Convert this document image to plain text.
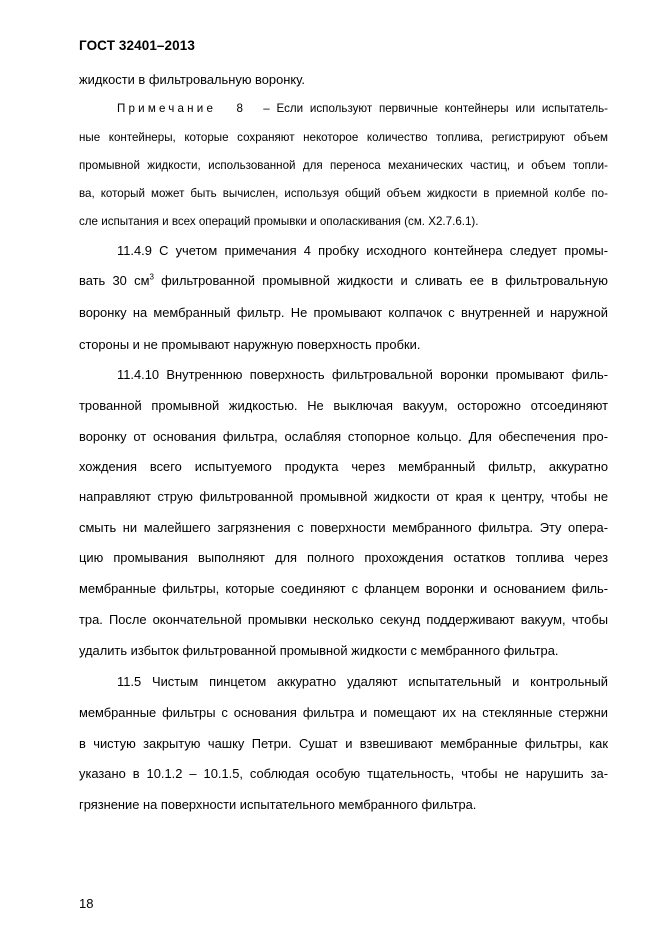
ГОСТ 32401–2013
жидкости в фильтровальную воронку.
Примечание 8 – Если используют первичные контейнеры или испытатель-
ные контейнеры, которые сохраняют некоторое количество топлива, регистрируют объем
промывной жидкости, использованной для переноса механических частиц, и объем топли-
ва, который может быть вычислен, используя общий объем жидкости в приемной колбе по-
сле испытания и всех операций промывки и ополаскивания (см. Х2.7.6.1).
11.4.9 С учетом примечания 4 пробку исходного контейнера следует промы-
вать 30 $см^3$ фильтрованной промывной жидкости и сливать ее в фильтровальную
воронку на мембранный фильтр. Не промывают колпачок с внутренней и наружной
стороны и не промывают наружную поверхность пробки.
11.4.10 Внутреннюю поверхность фильтровальной воронки промывают филь-
трованной промывной жидкостью. Не выключая вакуум, осторожно отсоединяют
воронку от основания фильтра, ослабляя стопорное кольцо. Для обеспечения про-
хождения всего испытуемого продукта через мембранный фильтр, аккуратно
направляют струю фильтрованной промывной жидкости от края к центру, чтобы не
смыть ни малейшего загрязнения с поверхности мембранного фильтра. Эту опера-
цию промывания выполняют для полного прохождения остатков топлива через
мембранные фильтры, которые соединяют с фланцем воронки и основанием филь-
тра. После окончательной промывки несколько секунд поддерживают вакуум, чтобы
удалить избыток фильтрованной промывной жидкости с мембранного фильтра.
11.5 Чистым пинцетом аккуратно удаляют испытательный и контрольный
мембранные фильтры с основания фильтра и помещают их на стеклянные стержни
в чистую закрытую чашку Петри. Сушат и взвешивают мембранные фильтры, как
указано в 10.1.2 – 10.1.5, соблюдая особую тщательность, чтобы не нарушить за-
грязнение на поверхности испытательного мембранного фильтра.
18
